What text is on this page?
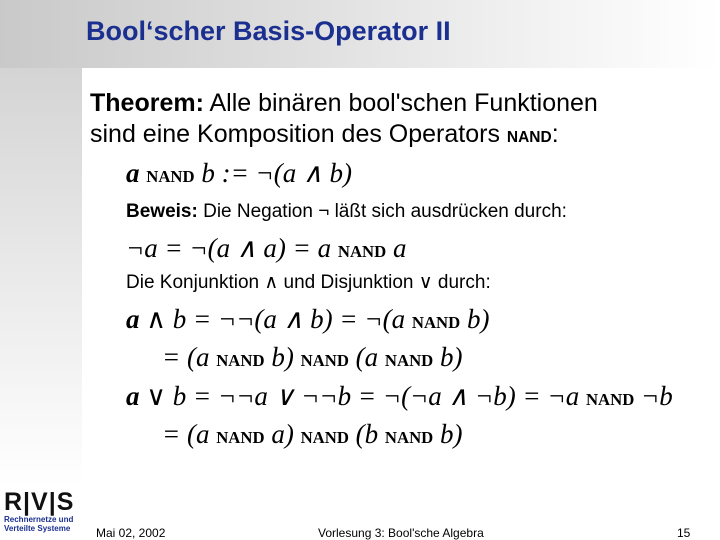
Bool‘scher Basis-Operator II
Theorem: Alle binären bool'schen Funktionen
sind eine Komposition des Operators NAND:
a NAND b := ¬(a ∧ b)
Beweis: Die Negation ¬ läßt sich ausdrücken durch:
¬a = ¬(a ∧ a) = a NAND a
Die Konjunktion ∧ und Disjunktion ∨ durch:
a ∧ b = ¬¬(a ∧ b) = ¬(a NAND b)
= (a NAND b) NAND (a NAND b)
a ∨ b = ¬¬a ∨ ¬¬b = ¬(¬a ∧ ¬b) = ¬a NAND ¬b
= (a NAND a) NAND (b NAND b)
R|V|S
Rechnernetze und
Verteilte Systeme	Mai 02, 2002	Vorlesung 3: Bool'sche Algebra	15
